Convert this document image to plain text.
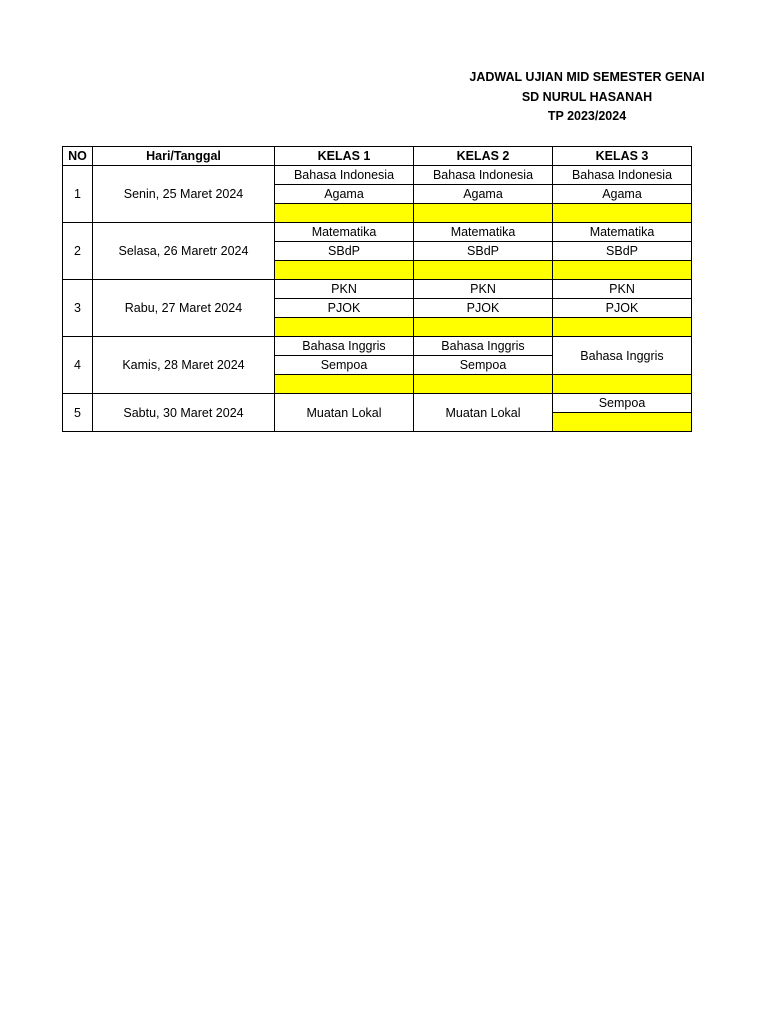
JADWAL UJIAN MID SEMESTER GENAI
SD NURUL HASANAH
TP 2023/2024
NO	Hari/Tanggal	KELAS 1	KELAS 2	KELAS 3
1	Senin, 25 Maret 2024	Bahasa Indonesia	Bahasa Indonesia	Bahasa Indonesia
		Agama	Agama	Agama

2	Selasa, 26 Maretr 2024	Matematika	Matematika	Matematika
		SBdP	SBdP	SBdP

3	Rabu, 27 Maret 2024	PKN	PKN	PKN
		PJOK	PJOK	PJOK

4	Kamis, 28 Maret 2024	Bahasa Inggris	Bahasa Inggris	Bahasa Inggris
		Sempoa	Sempoa	

5	Sabtu, 30 Maret 2024	Muatan Lokal	Muatan Lokal	Sempoa
